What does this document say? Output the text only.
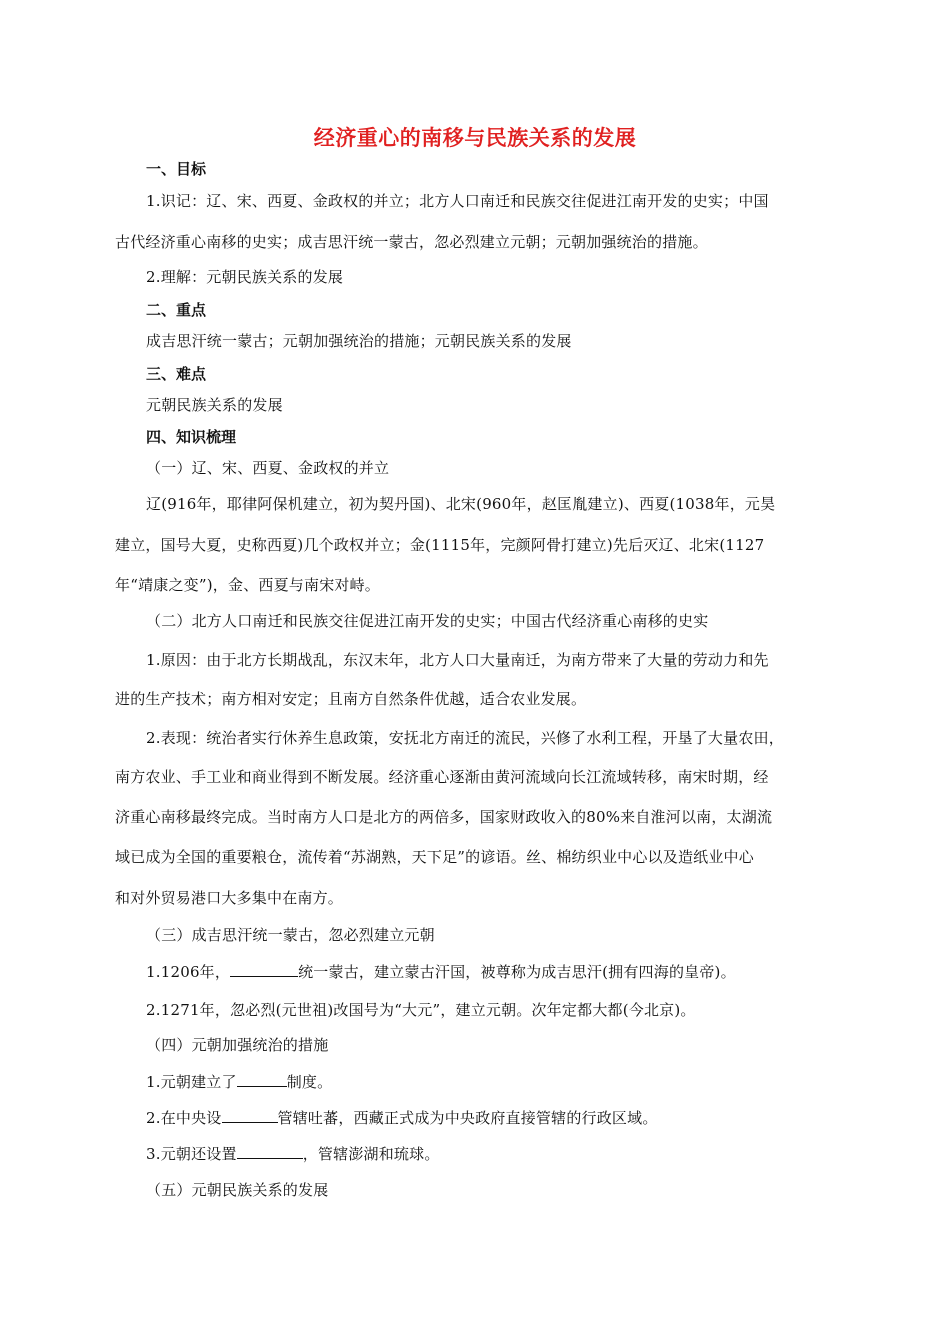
经济重心的南移与民族关系的发展
一、目标
1.识记：辽、宋、西夏、金政权的并立；北方人口南迁和民族交往促进江南开发的史实；中国
古代经济重心南移的史实；成吉思汗统一蒙古，忽必烈建立元朝；元朝加强统治的措施。
2.理解：元朝民族关系的发展
二、重点
成吉思汗统一蒙古；元朝加强统治的措施；元朝民族关系的发展
三、难点
元朝民族关系的发展
四、知识梳理
（一）辽、宋、西夏、金政权的并立
辽(916年，耶律阿保机建立，初为契丹国)、北宋(960年，赵匡胤建立)、西夏(1038年，元昊
建立，国号大夏，史称西夏)几个政权并立；金(1115年，完颜阿骨打建立)先后灭辽、北宋(1127
年“靖康之变”)，金、西夏与南宋对峙。
（二）北方人口南迁和民族交往促进江南开发的史实；中国古代经济重心南移的史实
1.原因：由于北方长期战乱，东汉末年，北方人口大量南迁，为南方带来了大量的劳动力和先
进的生产技术；南方相对安定；且南方自然条件优越，适合农业发展。
2.表现：统治者实行休养生息政策，安抚北方南迁的流民，兴修了水利工程，开垦了大量农田，
南方农业、手工业和商业得到不断发展。经济重心逐渐由黄河流域向长江流域转移，南宋时期，经
济重心南移最终完成。当时南方人口是北方的两倍多，国家财政收入的80%来自淮河以南，太湖流
域已成为全国的重要粮仓，流传着“苏湖熟，天下足”的谚语。丝、棉纺织业中心以及造纸业中心
和对外贸易港口大多集中在南方。
（三）成吉思汗统一蒙古，忽必烈建立元朝
1.1206年，	统一蒙古，建立蒙古汗国，被尊称为成吉思汗(拥有四海的皇帝)。
2.1271年，忽必烈(元世祖)改国号为“大元”，建立元朝。次年定都大都(今北京)。
（四）元朝加强统治的措施
1.元朝建立了	制度。
2.在中央设	管辖吐蕃，西藏正式成为中央政府直接管辖的行政区域。
3.元朝还设置	，管辖澎湖和琉球。
（五）元朝民族关系的发展
